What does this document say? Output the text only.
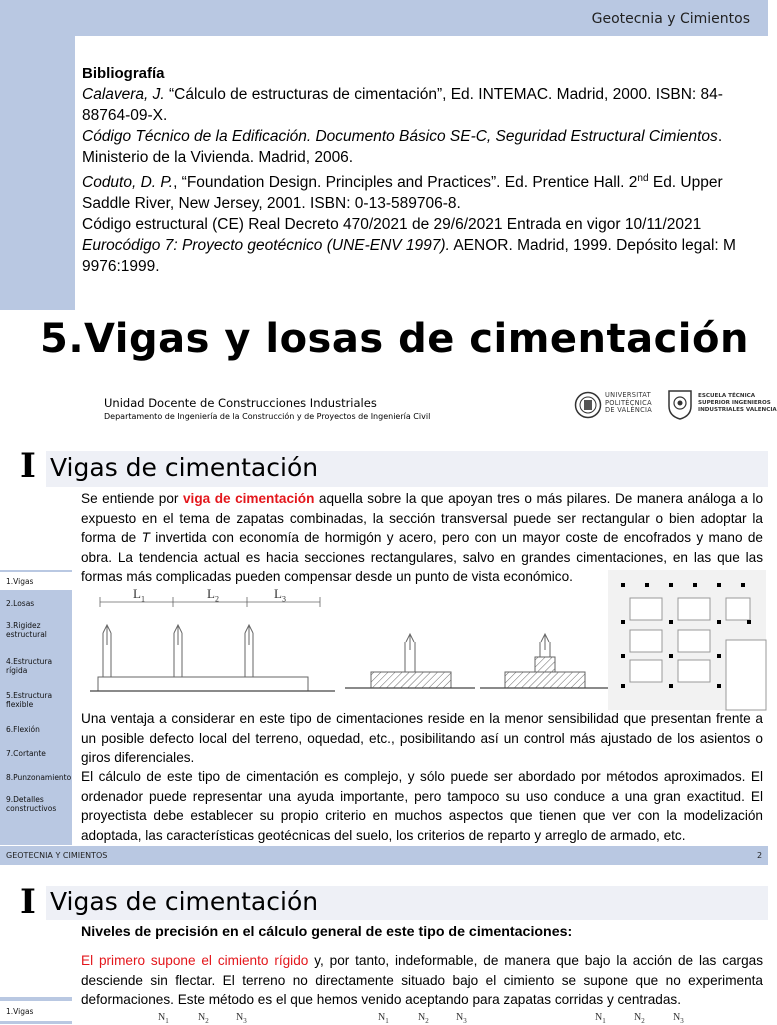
Geotecnia y Cimientos

Bibliografía

Calavera, J. “Cálculo de estructuras de cimentación”, Ed. INTEMAC. Madrid, 2000. ISBN: 84-88764-09-X.

Código Técnico de la Edificación. Documento Básico SE-C, Seguridad Estructural Cimientos. Ministerio de la Vivienda. Madrid, 2006.

Coduto, D. P., “Foundation Design. Principles and Practices”. Ed. Prentice Hall. 2nd Ed. Upper Saddle River, New Jersey, 2001. ISBN: 0-13-589706-8.

Código estructural (CE) Real Decreto 470/2021 de 29/6/2021 Entrada en vigor 10/11/2021

Eurocódigo 7: Proyecto geotécnico (UNE-ENV 1997). AENOR. Madrid, 1999. Depósito legal: M 9976:1999.

5.Vigas y losas de cimentación
Unidad Docente de Construcciones Industriales
Departamento de Ingeniería de la Construcción y de Proyectos de Ingeniería Civil
UNIVERSITAT
POLITÈCNICA
DE VALÈNCIA
ESCUELA TÉCNICA
SUPERIOR INGENIEROS
INDUSTRIALES VALENCIA
I Vigas de cimentación
Se entiende por viga de cimentación aquella sobre la que apoyan tres o más pilares. De manera análoga a lo expuesto en el tema de zapatas combinadas, la sección transversal puede ser rectangular o bien adoptar la forma de T invertida con economía de hormigón y acero, pero con un mayor coste de encofrados y mano de obra. La tendencia actual es hacia secciones rectangulares, salvo en grandes cimentaciones, en las que las formas más complicadas pueden compensar desde un punto de vista económico.
1.Vigas
2.Losas
3.Rigidez estructural
4.Estructura rígida
5.Estructura flexible
6.Flexión
7.Cortante
8.Punzonamiento
9.Detalles constructivos
$L_1$	$L_2$	$L_3$
Una ventaja a considerar en este tipo de cimentaciones reside en la menor sensibilidad que presentan frente a un posible defecto local del terreno, oquedad, etc., posibilitando así un control más ajustado de los asientos o giros diferenciales.
El cálculo de este tipo de cimentación es complejo, y sólo puede ser abordado por métodos aproximados. El ordenador puede representar una ayuda importante, pero tampoco su uso conduce a una gran exactitud. El proyectista debe establecer su propio criterio en muchos aspectos que tienen que ver con la modelización adoptada, las características geotécnicas del suelo, los criterios de reparto y arreglo de armado, etc.
GEOTECNIA Y CIMIENTOS	2
I Vigas de cimentación
Niveles de precisión en el cálculo general de este tipo de cimentaciones:
El primero supone el cimiento rígido y, por tanto, indeformable, de manera que bajo la acción de las cargas desciende sin flectar. El terreno no directamente situado bajo el cimiento se supone que no experimenta deformaciones. Este método es el que hemos venido aceptando para zapatas corridas y centradas.
1.Vigas
$N_1$	$N_2$	$N_3$	$N_1$	$N_2$	$N_3$	$N_1$	$N_2$	$N_3$
